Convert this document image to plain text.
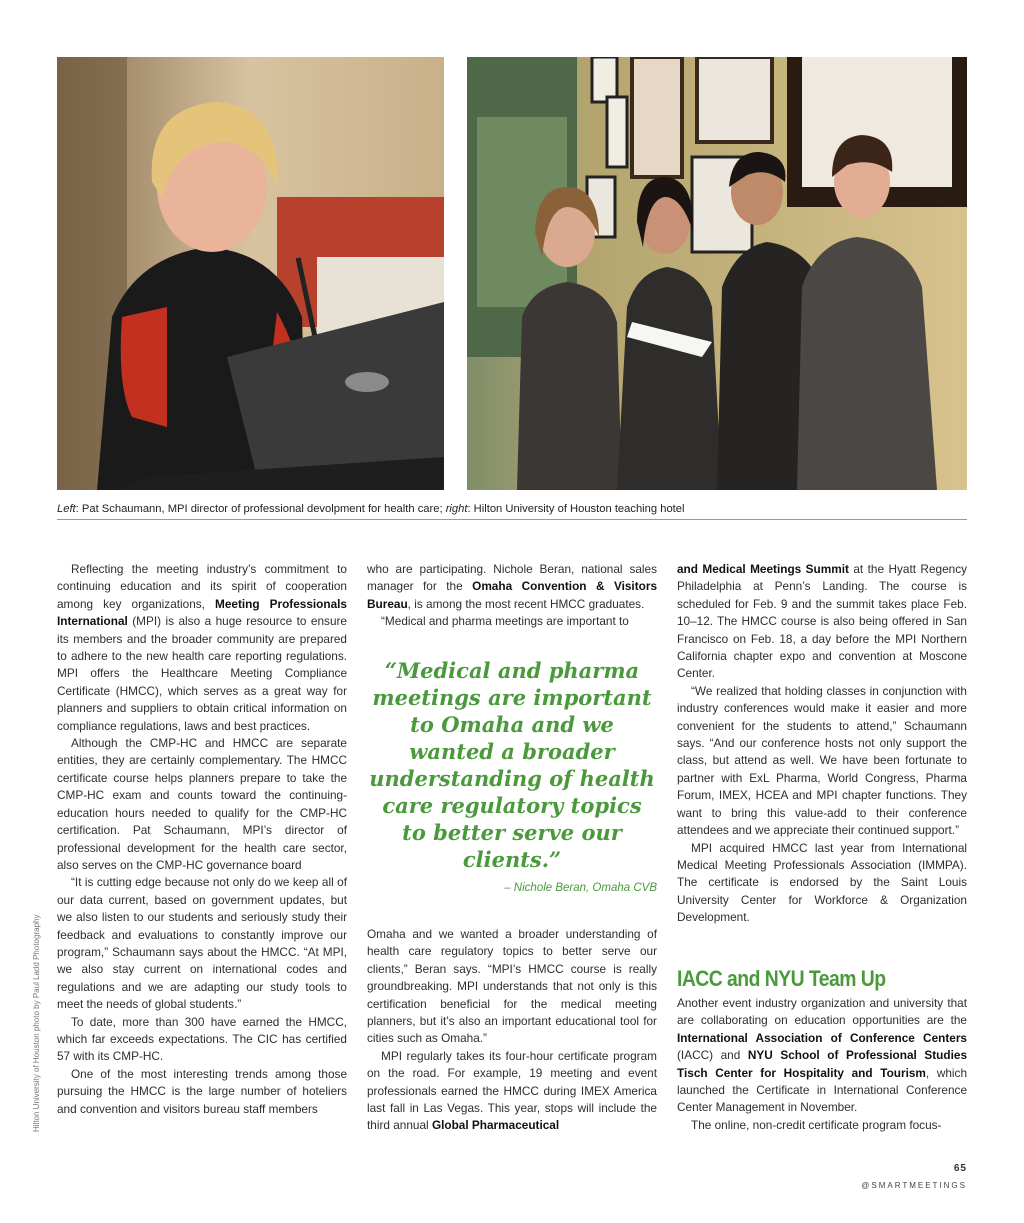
Left: Pat Schaumann, MPI director of professional devolpment for health care; right: Hilton University of Houston teaching hotel
Hilton University of Houston photo by Paul Ladd Photography

Reflecting the meeting industry’s commitment to continuing education and its spirit of cooperation among key organizations, Meeting Professionals International (MPI) is also a huge resource to ensure its members and the broader community are prepared to adhere to the new health care reporting regulations. MPI offers the Healthcare Meeting Compliance Certificate (HMCC), which serves as a great way for planners and suppliers to obtain critical information on compliance regulations, laws and best practices.

Although the CMP-HC and HMCC are separate entities, they are certainly complementary. The HMCC certificate course helps planners prepare to take the CMP-HC exam and counts toward the continuing-education hours needed to qualify for the CMP-HC certification. Pat Schaumann, MPI’s director of professional development for the health care sector, also serves on the CMP-HC governance board

“It is cutting edge because not only do we keep all of our data current, based on government updates, but we also listen to our students and seriously study their feedback and evaluations to constantly improve our program,” Schaumann says about the HMCC. “At MPI, we also stay current on international codes and regulations and we are adapting our study tools to meet the needs of global students.”

To date, more than 300 have earned the HMCC, which far exceeds expectations. The CIC has certified 57 with its CMP-HC.

One of the most interesting trends among those pursuing the HMCC is the large number of hoteliers and convention and visitors bureau staff members

who are participating. Nichole Beran, national sales manager for the Omaha Convention & Visitors Bureau, is among the most recent HMCC graduates.

“Medical and pharma meetings are important to

“Medical and pharma meetings are important to Omaha and we wanted a broader understanding of health care regulatory topics to better serve our clients.”
– Nichole Beran, Omaha CVB

Omaha and we wanted a broader understanding of health care regulatory topics to better serve our clients,” Beran says. “MPI’s HMCC course is really groundbreaking. MPI understands that not only is this certification beneficial for the medical meeting planners, but it’s also an important educational tool for cities such as Omaha.”

MPI regularly takes its four-hour certificate program on the road. For example, 19 meeting and event professionals earned the HMCC during IMEX America last fall in Las Vegas. This year, stops will include the third annual Global Pharmaceutical

and Medical Meetings Summit at the Hyatt Regency Philadelphia at Penn’s Landing. The course is scheduled for Feb. 9 and the summit takes place Feb. 10–12. The HMCC course is also being offered in San Francisco on Feb. 18, a day before the MPI Northern California chapter expo and convention at Moscone Center.

“We realized that holding classes in conjunction with industry conferences would make it easier and more convenient for the students to attend,” Schaumann says. “And our conference hosts not only support the class, but attend as well. We have been fortunate to partner with ExL Pharma, World Congress, Pharma Forum, IMEX, HCEA and MPI chapter functions. They want to bring this value-add to their conference attendees and we appreciate their continued support.”

MPI acquired HMCC last year from International Medical Meeting Professionals Association (IMMPA). The certificate is endorsed by the Saint Louis University Center for Workforce & Organization Development.

IACC and NYU Team Up

Another event industry organization and university that are collaborating on education opportunities are the International Association of Conference Centers (IACC) and NYU School of Professional Studies Tisch Center for Hospitality and Tourism, which launched the Certificate in International Conference Center Management in November.

The online, non-credit certificate program focus-

65
@SMARTMEETINGS
